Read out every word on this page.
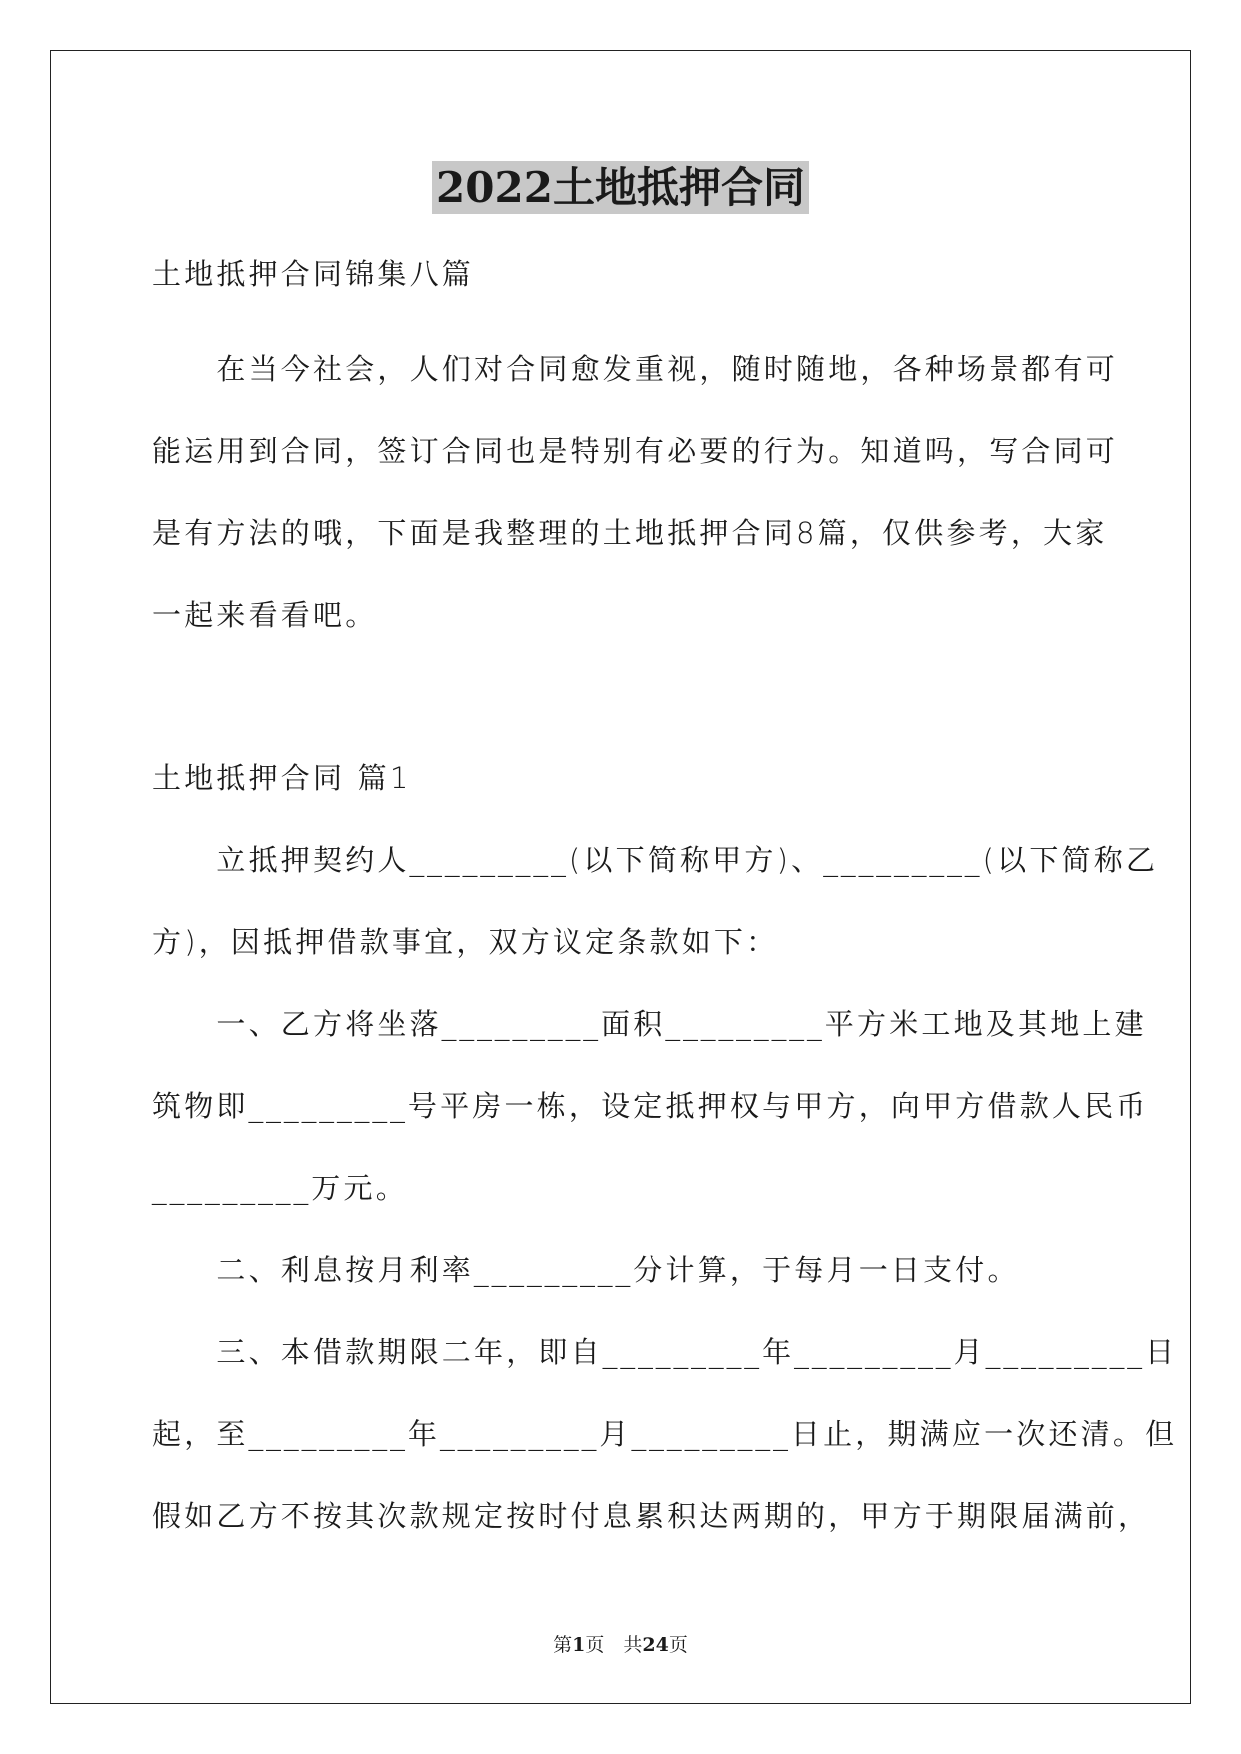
2022土地抵押合同
土地抵押合同锦集八篇
　　在当今社会，人们对合同愈发重视，随时随地，各种场景都有可
能运用到合同，签订合同也是特别有必要的行为。知道吗，写合同可
是有方法的哦，下面是我整理的土地抵押合同8篇，仅供参考，大家
一起来看看吧。
土地抵押合同 篇1
　　立抵押契约人_________(以下简称甲方)、_________(以下简称乙
方)，因抵押借款事宜，双方议定条款如下：
　　一、乙方将坐落_________面积_________平方米工地及其地上建
筑物即_________号平房一栋，设定抵押权与甲方，向甲方借款人民币
_________万元。
　　二、利息按月利率_________分计算，于每月一日支付。
　　三、本借款期限二年，即自_________年_________月_________日
起，至_________年_________月_________日止，期满应一次还清。但
假如乙方不按其次款规定按时付息累积达两期的，甲方于期限届满前，
第1页　共24页
